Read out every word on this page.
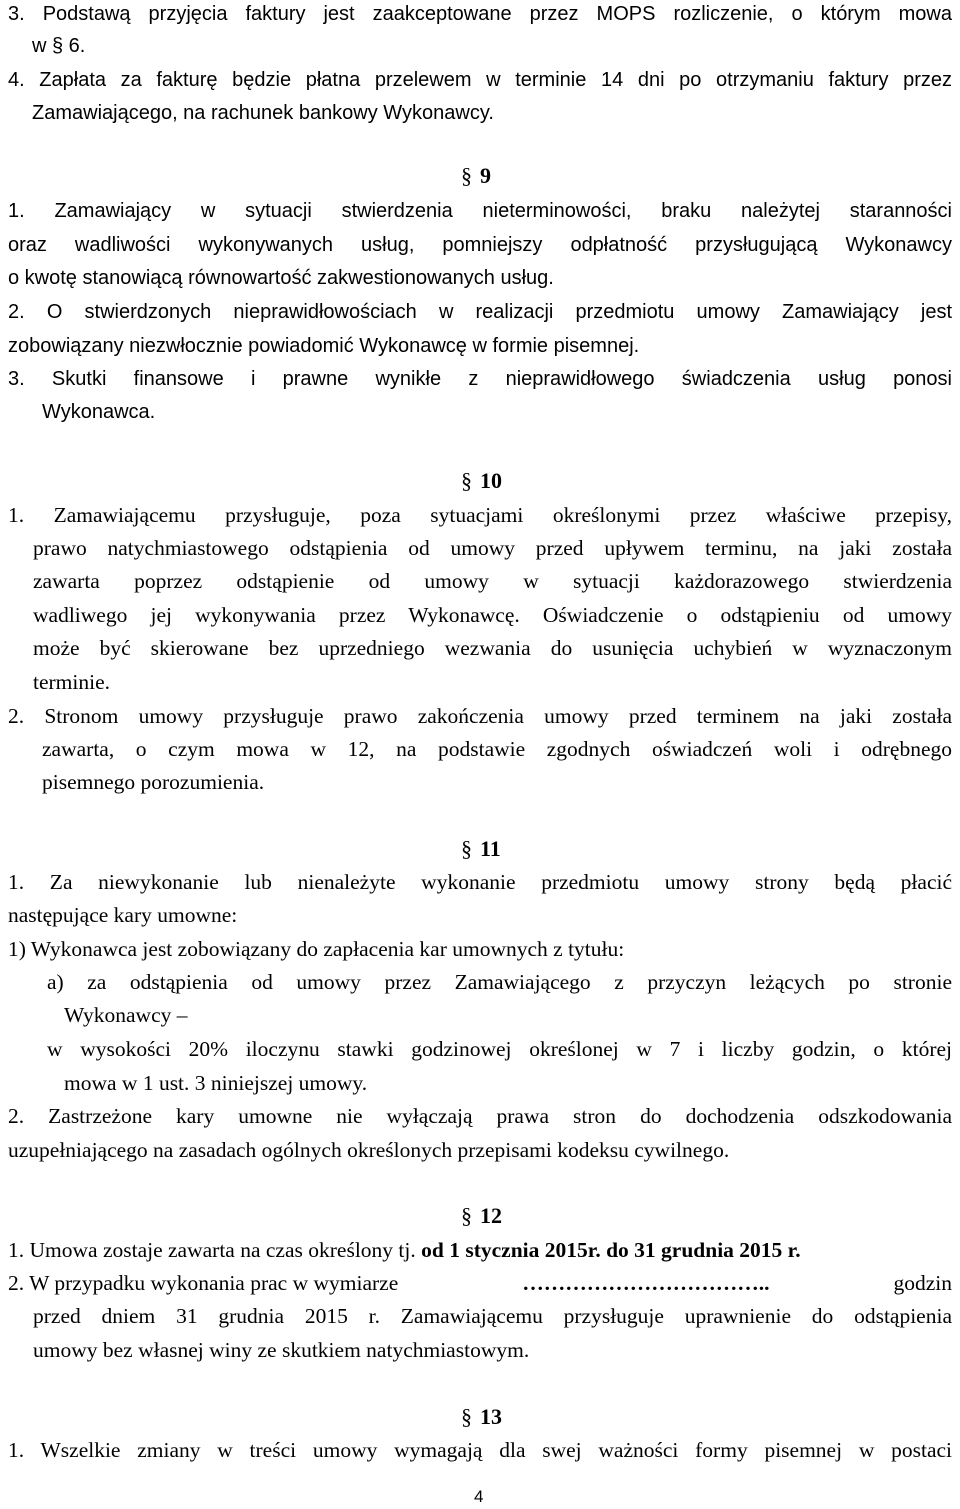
3. Podstawą przyjęcia faktury jest zaakceptowane przez MOPS rozliczenie, o którym mowa
w § 6.
4. Zapłata za fakturę będzie płatna przelewem w terminie 14 dni po otrzymaniu faktury przez
Zamawiającego, na rachunek bankowy Wykonawcy.
§ 9
1. Zamawiający w sytuacji stwierdzenia nieterminowości, braku należytej staranności
oraz wadliwości wykonywanych usług, pomniejszy odpłatność przysługującą Wykonawcy
o kwotę stanowiącą równowartość zakwestionowanych usług.
2. O stwierdzonych nieprawidłowościach w realizacji przedmiotu umowy Zamawiający jest
zobowiązany niezwłocznie powiadomić Wykonawcę w formie pisemnej.
3. Skutki finansowe i prawne wynikłe z nieprawidłowego świadczenia usług ponosi
Wykonawca.
§ 10
1. Zamawiającemu przysługuje, poza sytuacjami określonymi przez właściwe przepisy,
prawo natychmiastowego odstąpienia od umowy przed upływem terminu, na jaki została
zawarta poprzez odstąpienie od umowy w sytuacji każdorazowego stwierdzenia
wadliwego jej wykonywania przez Wykonawcę. Oświadczenie o odstąpieniu od umowy
może być skierowane bez uprzedniego wezwania do usunięcia uchybień w wyznaczonym
terminie.
2. Stronom umowy przysługuje prawo zakończenia umowy przed terminem na jaki została
zawarta, o czym mowa w 12, na podstawie zgodnych oświadczeń woli i odrębnego
pisemnego porozumienia.
§ 11
1. Za niewykonanie lub nienależyte wykonanie przedmiotu umowy strony będą płacić
następujące kary umowne:
1) Wykonawca jest zobowiązany do zapłacenia kar umownych z tytułu:
a) za odstąpienia od umowy przez Zamawiającego z przyczyn leżących po stronie
Wykonawcy –
w wysokości 20% iloczynu stawki godzinowej określonej w 7 i liczby godzin, o której
mowa w 1 ust. 3 niniejszej umowy.
2. Zastrzeżone kary umowne nie wyłączają prawa stron do dochodzenia odszkodowania
uzupełniającego na zasadach ogólnych określonych przepisami kodeksu cywilnego.
§ 12
1. Umowa zostaje zawarta na czas określony tj. od 1 stycznia 2015r. do 31 grudnia 2015 r.
2. W przypadku wykonania prac w wymiarze	……………………………..	godzin
przed dniem 31 grudnia 2015 r. Zamawiającemu przysługuje uprawnienie do odstąpienia
umowy bez własnej winy ze skutkiem natychmiastowym.
§ 13
1. Wszelkie zmiany w treści umowy wymagają dla swej ważności formy pisemnej w postaci
4
